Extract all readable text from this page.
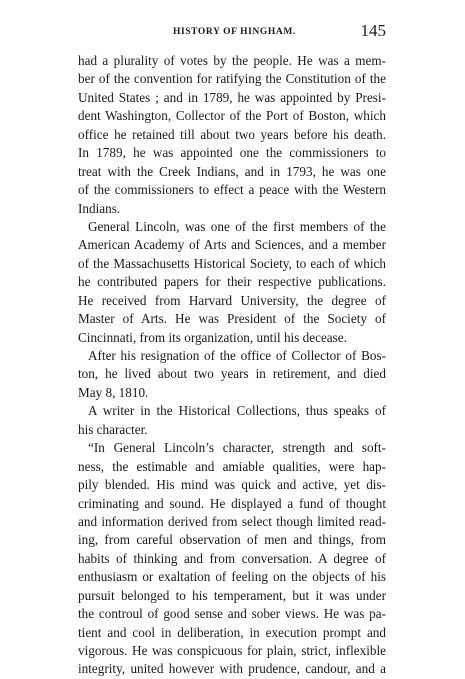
HISTORY OF HINGHAM.	145
had a plurality of votes by the people. He was a mem-
ber of the convention for ratifying the Constitution of the
United States ; and in 1789, he was appointed by Presi-
dent Washington, Collector of the Port of Boston, which
office he retained till about two years before his death.
In 1789, he was appointed one the commissioners to
treat with the Creek Indians, and in 1793, he was one
of the commissioners to effect a peace with the Western
Indians.
General Lincoln, was one of the first members of the
American Academy of Arts and Sciences, and a member
of the Massachusetts Historical Society, to each of which
he contributed papers for their respective publications.
He received from Harvard University, the degree of
Master of Arts. He was President of the Society of
Cincinnati, from its organization, until his decease.
After his resignation of the office of Collector of Bos-
ton, he lived about two years in retirement, and died
May 8, 1810.
A writer in the Historical Collections, thus speaks of
his character.
“In General Lincoln’s character, strength and soft-
ness, the estimable and amiable qualities, were hap-
pily blended. His mind was quick and active, yet dis-
criminating and sound. He displayed a fund of thought
and information derived from select though limited read-
ing, from careful observation of men and things, from
habits of thinking and from conversation. A degree of
enthusiasm or exaltation of feeling on the objects of his
pursuit belonged to his temperament, but it was under
the controul of good sense and sober views. He was pa-
tient and cool in deliberation, in execution prompt and
vigorous. He was conspicuous for plain, strict, inflexible
integrity, united however with prudence, candour, and a
